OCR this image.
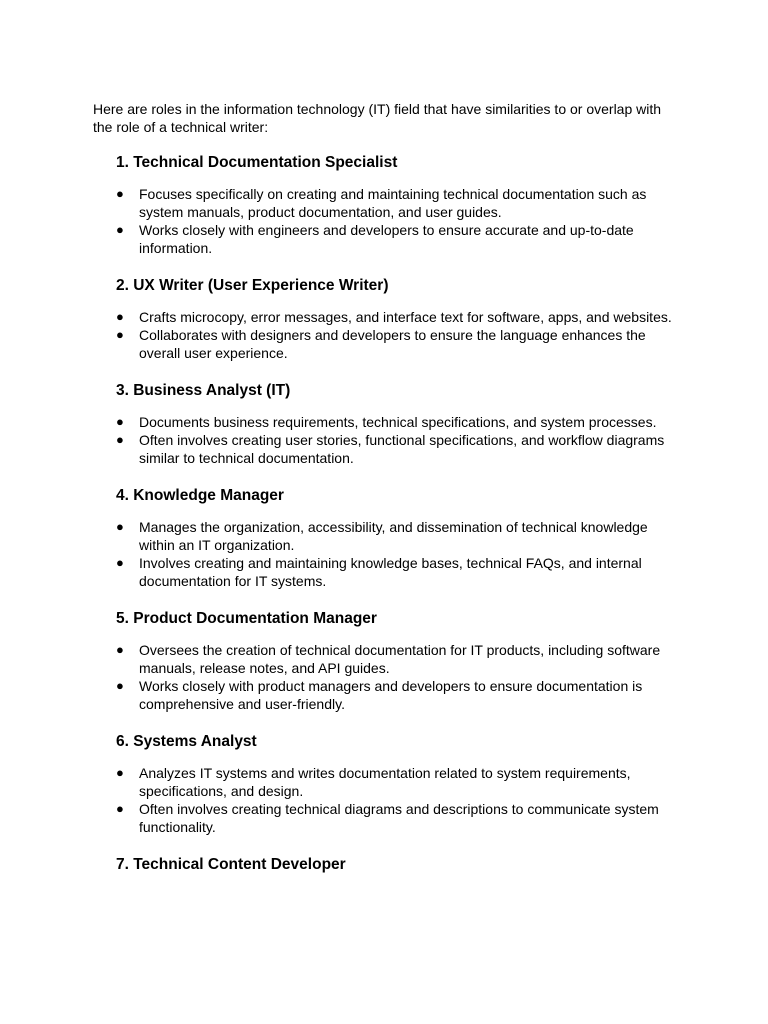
Here are roles in the information technology (IT) field that have similarities to or overlap with the role of a technical writer:

1. Technical Documentation Specialist
● Focuses specifically on creating and maintaining technical documentation such as system manuals, product documentation, and user guides.
● Works closely with engineers and developers to ensure accurate and up-to-date information.
2. UX Writer (User Experience Writer)
● Crafts microcopy, error messages, and interface text for software, apps, and websites.
● Collaborates with designers and developers to ensure the language enhances the overall user experience.
3. Business Analyst (IT)
● Documents business requirements, technical specifications, and system processes.
● Often involves creating user stories, functional specifications, and workflow diagrams similar to technical documentation.
4. Knowledge Manager
● Manages the organization, accessibility, and dissemination of technical knowledge within an IT organization.
● Involves creating and maintaining knowledge bases, technical FAQs, and internal documentation for IT systems.
5. Product Documentation Manager
● Oversees the creation of technical documentation for IT products, including software manuals, release notes, and API guides.
● Works closely with product managers and developers to ensure documentation is comprehensive and user-friendly.
6. Systems Analyst
● Analyzes IT systems and writes documentation related to system requirements, specifications, and design.
● Often involves creating technical diagrams and descriptions to communicate system functionality.
7. Technical Content Developer
